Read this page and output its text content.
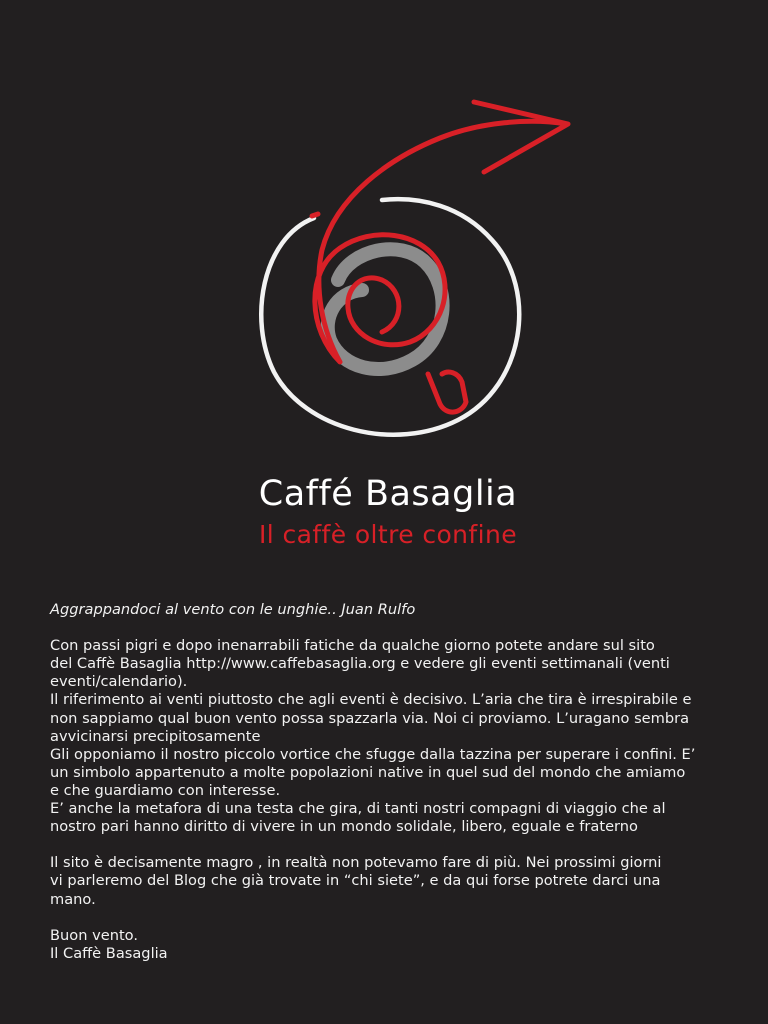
Caffé Basaglia
Il caffè oltre confine

Aggrappandoci al vento con le unghie.. Juan Rulfo

Con passi pigri e dopo inenarrabili fatiche da qualche giorno potete andare sul sito

del Caffè Basaglia http://www.caffebasaglia.org e vedere gli eventi settimanali (venti

eventi/calendario).

Il riferimento ai venti piuttosto che agli eventi è decisivo. L’aria che tira è irrespirabile e

non sappiamo qual buon vento possa spazzarla via. Noi ci proviamo. L’uragano sembra

avvicinarsi precipitosamente

Gli opponiamo il nostro piccolo vortice che sfugge dalla tazzina per superare i confini. E’

un simbolo appartenuto a molte popolazioni native in quel sud del mondo che amiamo

e che guardiamo con interesse.

E’ anche la metafora di una testa che gira, di tanti nostri compagni di viaggio che al

nostro pari hanno diritto di vivere in un mondo solidale, libero, eguale e fraterno

Il sito è decisamente magro , in realtà non potevamo fare di più. Nei prossimi giorni

vi parleremo del Blog che già trovate in “chi siete”, e da qui forse potrete darci una

mano.

Buon vento.

Il Caffè Basaglia
